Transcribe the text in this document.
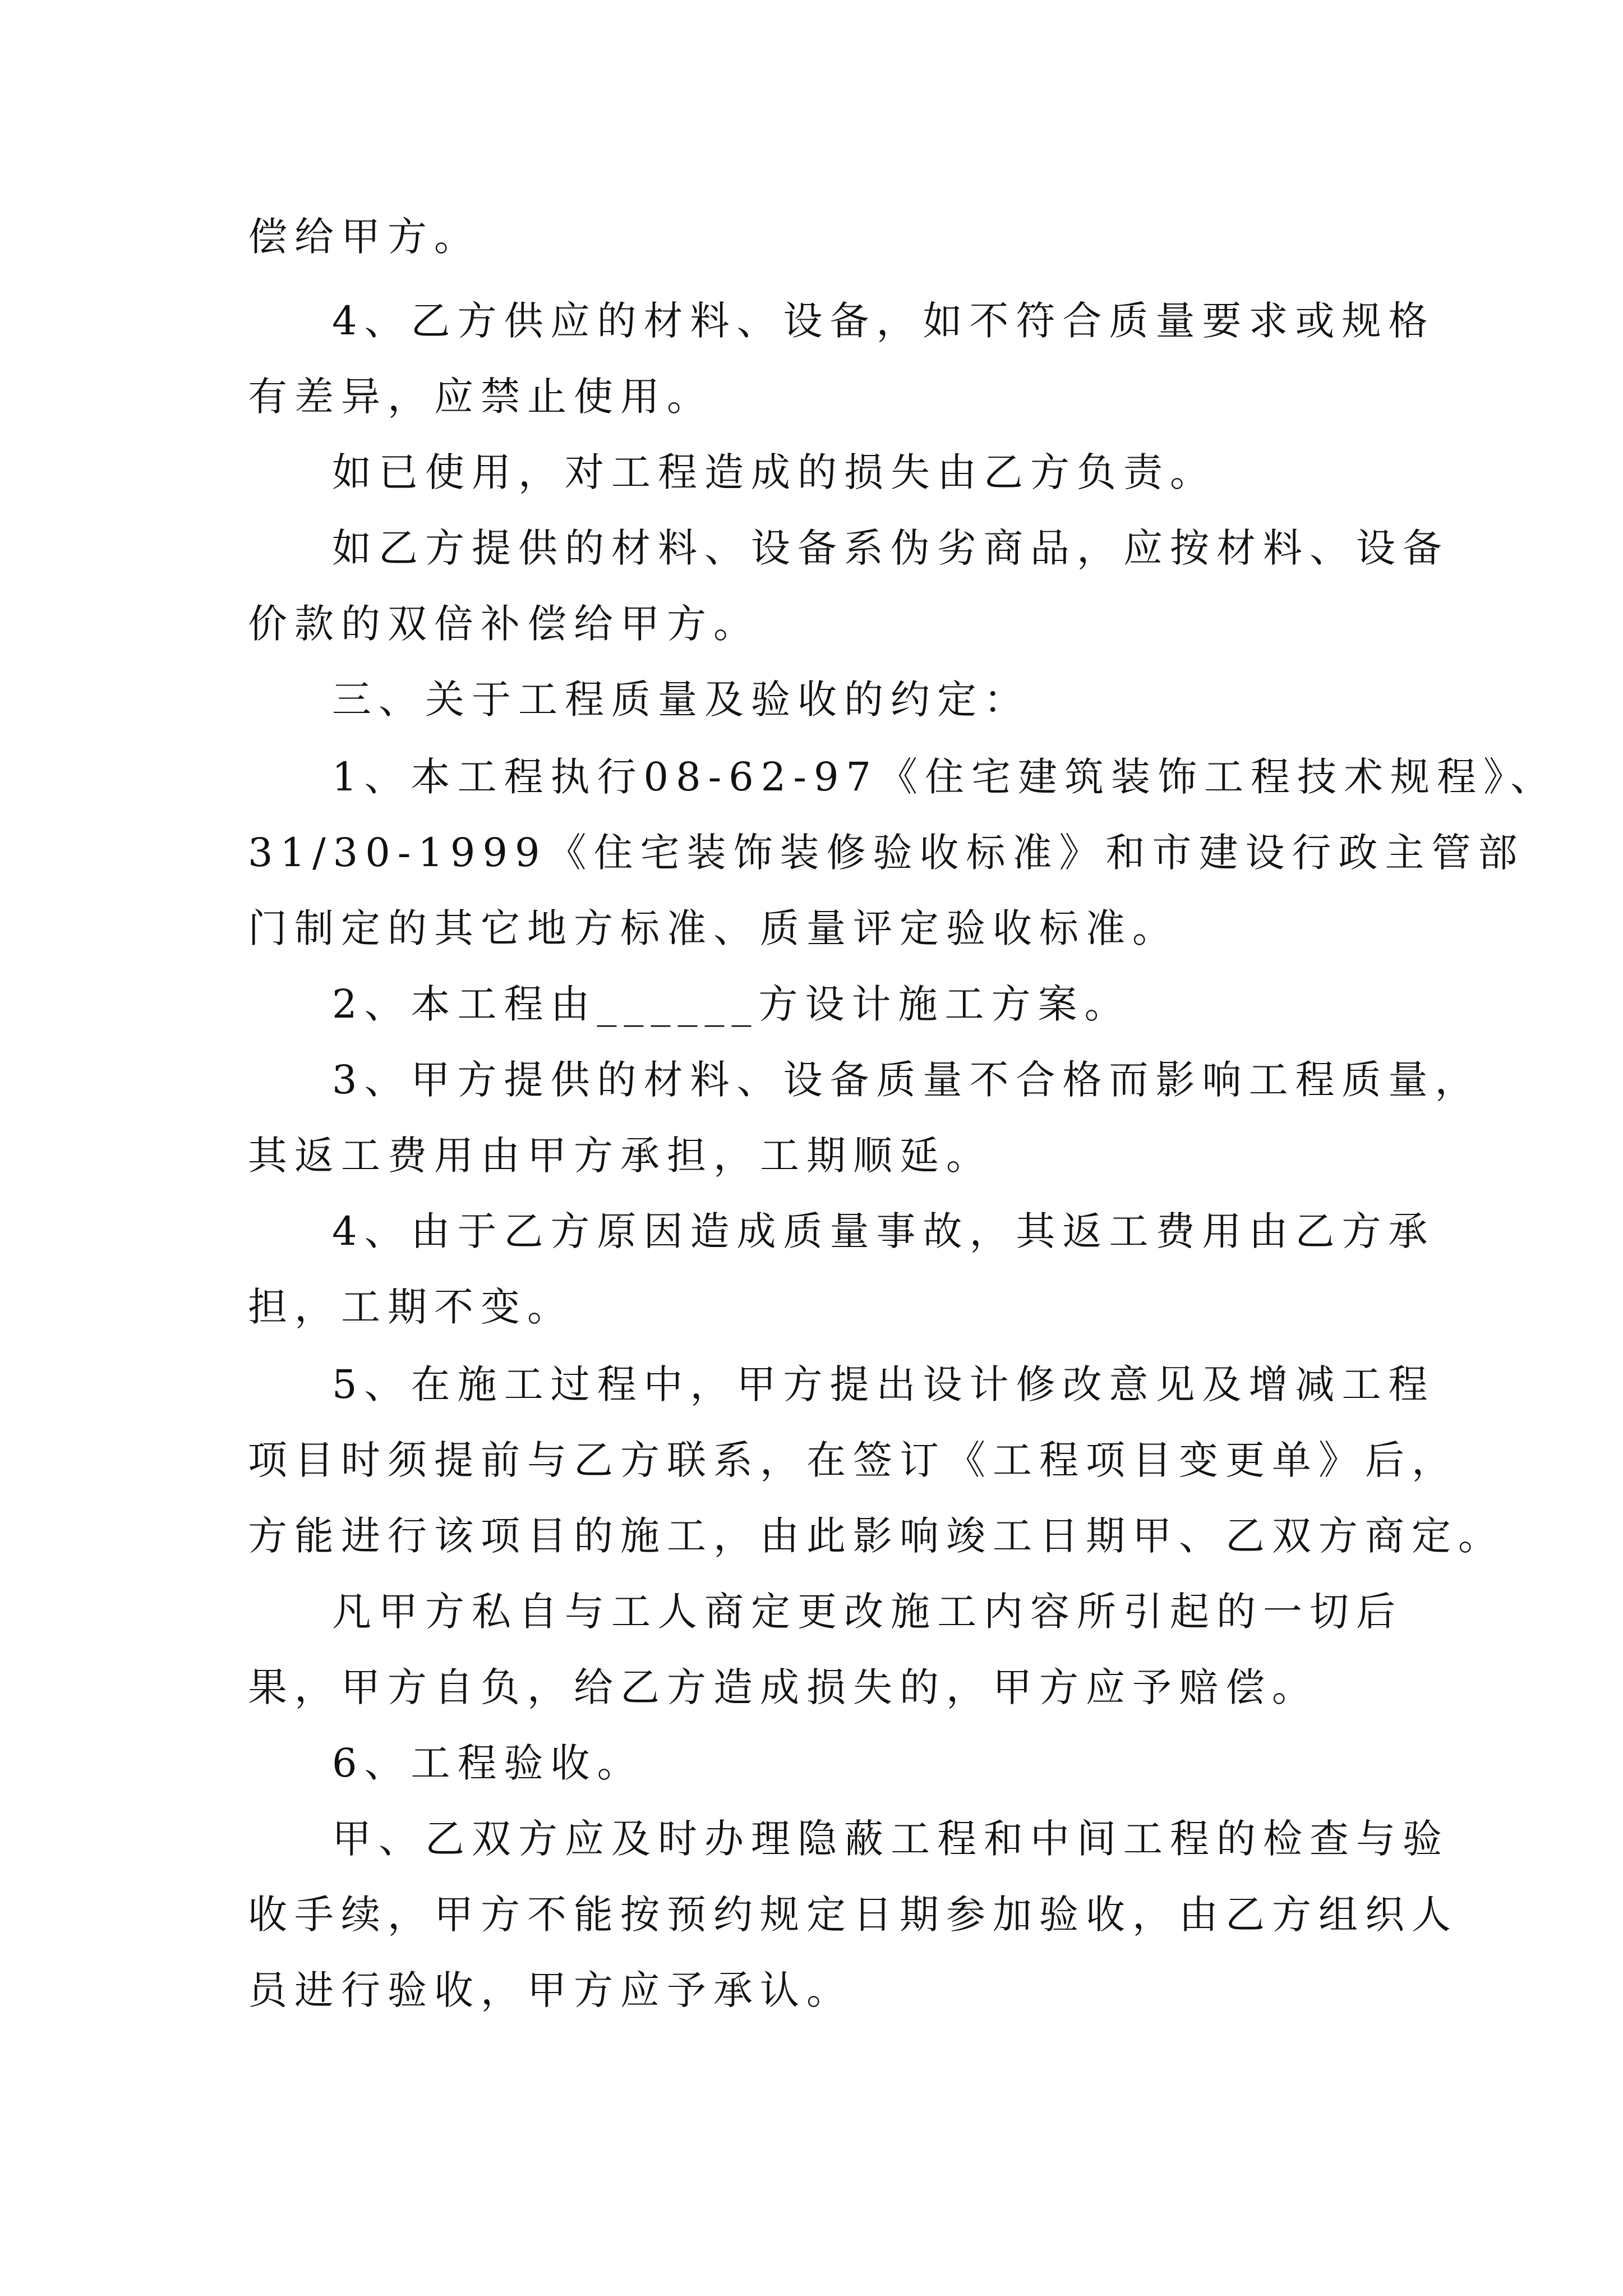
偿给甲方。

4、乙方供应的材料、设备，如不符合质量要求或规格

有差异，应禁止使用。

如已使用，对工程造成的损失由乙方负责。

如乙方提供的材料、设备系伪劣商品，应按材料、设备

价款的双倍补偿给甲方。

三、关于工程质量及验收的约定：

1、本工程执行08-62-97《住宅建筑装饰工程技术规程》、

31/30-1999《住宅装饰装修验收标准》和市建设行政主管部

门制定的其它地方标准、质量评定验收标准。

2、本工程由______方设计施工方案。

3、甲方提供的材料、设备质量不合格而影响工程质量，

其返工费用由甲方承担，工期顺延。

4、由于乙方原因造成质量事故，其返工费用由乙方承

担，工期不变。

5、在施工过程中，甲方提出设计修改意见及增减工程

项目时须提前与乙方联系，在签订《工程项目变更单》后，

方能进行该项目的施工，由此影响竣工日期甲、乙双方商定。

凡甲方私自与工人商定更改施工内容所引起的一切后

果，甲方自负，给乙方造成损失的，甲方应予赔偿。

6、工程验收。

甲、乙双方应及时办理隐蔽工程和中间工程的检查与验

收手续，甲方不能按预约规定日期参加验收，由乙方组织人

员进行验收，甲方应予承认。
